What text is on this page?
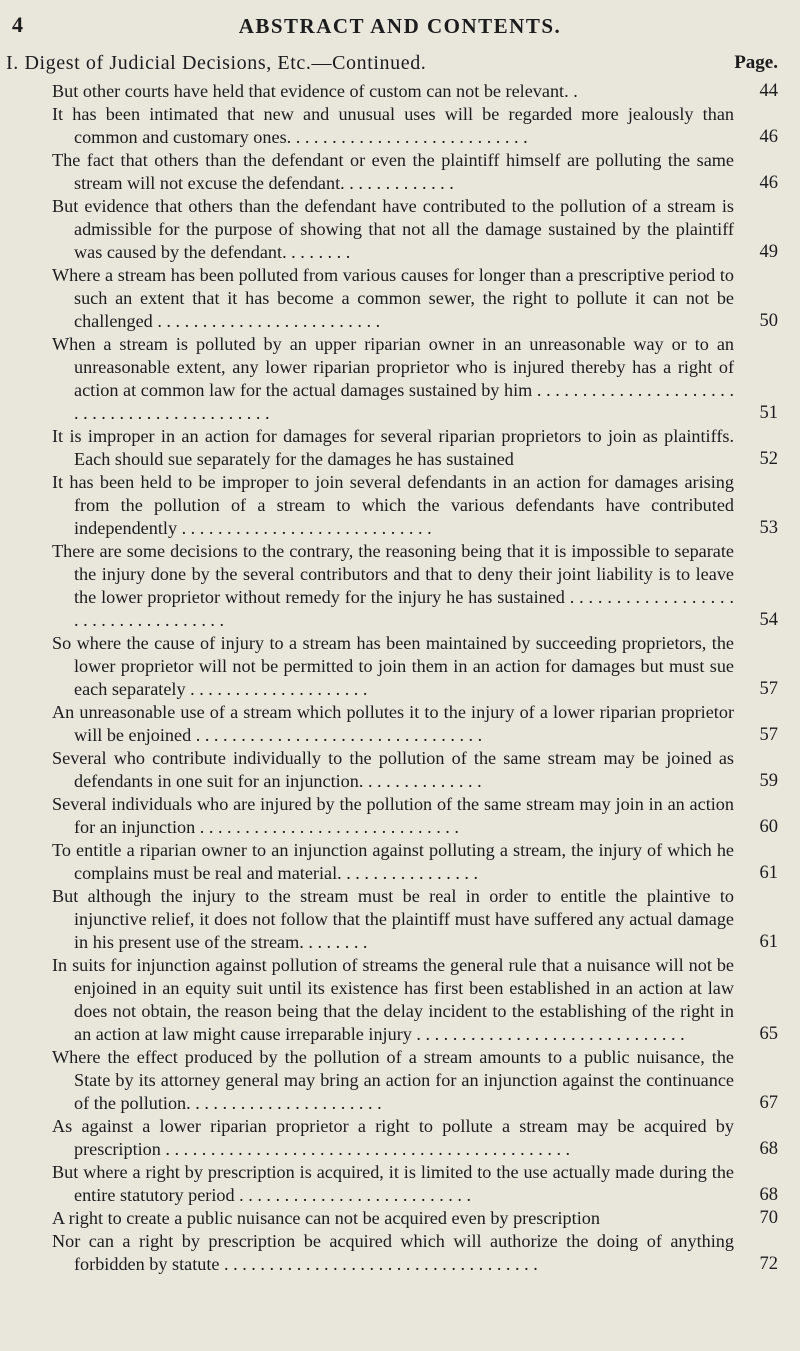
4	ABSTRACT AND CONTENTS.
I. Digest of Judicial Decisions, Etc.—Continued.	Page.
But other courts have held that evidence of custom can not be relevant. .	44
It has been intimated that new and unusual uses will be regarded more jealously than common and customary ones. . . . . . . . . . . . . . . . . . . . . . . . . . .	46
The fact that others than the defendant or even the plaintiff himself are polluting the same stream will not excuse the defendant. . . . . . . . . . . . .	46
But evidence that others than the defendant have contributed to the pollution of a stream is admissible for the purpose of showing that not all the damage sustained by the plaintiff was caused by the defendant. . . . . . . .	49
Where a stream has been polluted from various causes for longer than a prescriptive period to such an extent that it has become a common sewer, the right to pollute it can not be challenged . . . . . . . . . . . . . . . . . . . . . . . . .	50
When a stream is polluted by an upper riparian owner in an unreasonable way or to an unreasonable extent, any lower riparian proprietor who is injured thereby has a right of action at common law for the actual damages sustained by him . . . . . . . . . . . . . . . . . . . . . . . . . . . . . . . . . . . . . . . . . . . .	51
It is improper in an action for damages for several riparian proprietors to join as plaintiffs. Each should sue separately for the damages he has sustained	52
It has been held to be improper to join several defendants in an action for damages arising from the pollution of a stream to which the various defendants have contributed independently . . . . . . . . . . . . . . . . . . . . . . . . . . . .	53
There are some decisions to the contrary, the reasoning being that it is impossible to separate the injury done by the several contributors and that to deny their joint liability is to leave the lower proprietor without remedy for the injury he has sustained . . . . . . . . . . . . . . . . . . . . . . . . . . . . . . . . . . .	54
So where the cause of injury to a stream has been maintained by succeeding proprietors, the lower proprietor will not be permitted to join them in an action for damages but must sue each separately . . . . . . . . . . . . . . . . . . . .	57
An unreasonable use of a stream which pollutes it to the injury of a lower riparian proprietor will be enjoined . . . . . . . . . . . . . . . . . . . . . . . . . . . . . . . .	57
Several who contribute individually to the pollution of the same stream may be joined as defendants in one suit for an injunction. . . . . . . . . . . . . .	59
Several individuals who are injured by the pollution of the same stream may join in an action for an injunction . . . . . . . . . . . . . . . . . . . . . . . . . . . . .	60
To entitle a riparian owner to an injunction against polluting a stream, the injury of which he complains must be real and material. . . . . . . . . . . . . . . .	61
But although the injury to the stream must be real in order to entitle the plaintive to injunctive relief, it does not follow that the plaintiff must have suffered any actual damage in his present use of the stream. . . . . . . .	61
In suits for injunction against pollution of streams the general rule that a nuisance will not be enjoined in an equity suit until its existence has first been established in an action at law does not obtain, the reason being that the delay incident to the establishing of the right in an action at law might cause irreparable injury . . . . . . . . . . . . . . . . . . . . . . . . . . . . . .	65
Where the effect produced by the pollution of a stream amounts to a public nuisance, the State by its attorney general may bring an action for an injunction against the continuance of the pollution. . . . . . . . . . . . . . . . . . . . . .	67
As against a lower riparian proprietor a right to pollute a stream may be acquired by prescription . . . . . . . . . . . . . . . . . . . . . . . . . . . . . . . . . . . . . . . . . . . . .	68
But where a right by prescription is acquired, it is limited to the use actually made during the entire statutory period . . . . . . . . . . . . . . . . . . . . . . . . . .	68
A right to create a public nuisance can not be acquired even by prescription	70
Nor can a right by prescription be acquired which will authorize the doing of anything forbidden by statute . . . . . . . . . . . . . . . . . . . . . . . . . . . . . . . . . . .	72
